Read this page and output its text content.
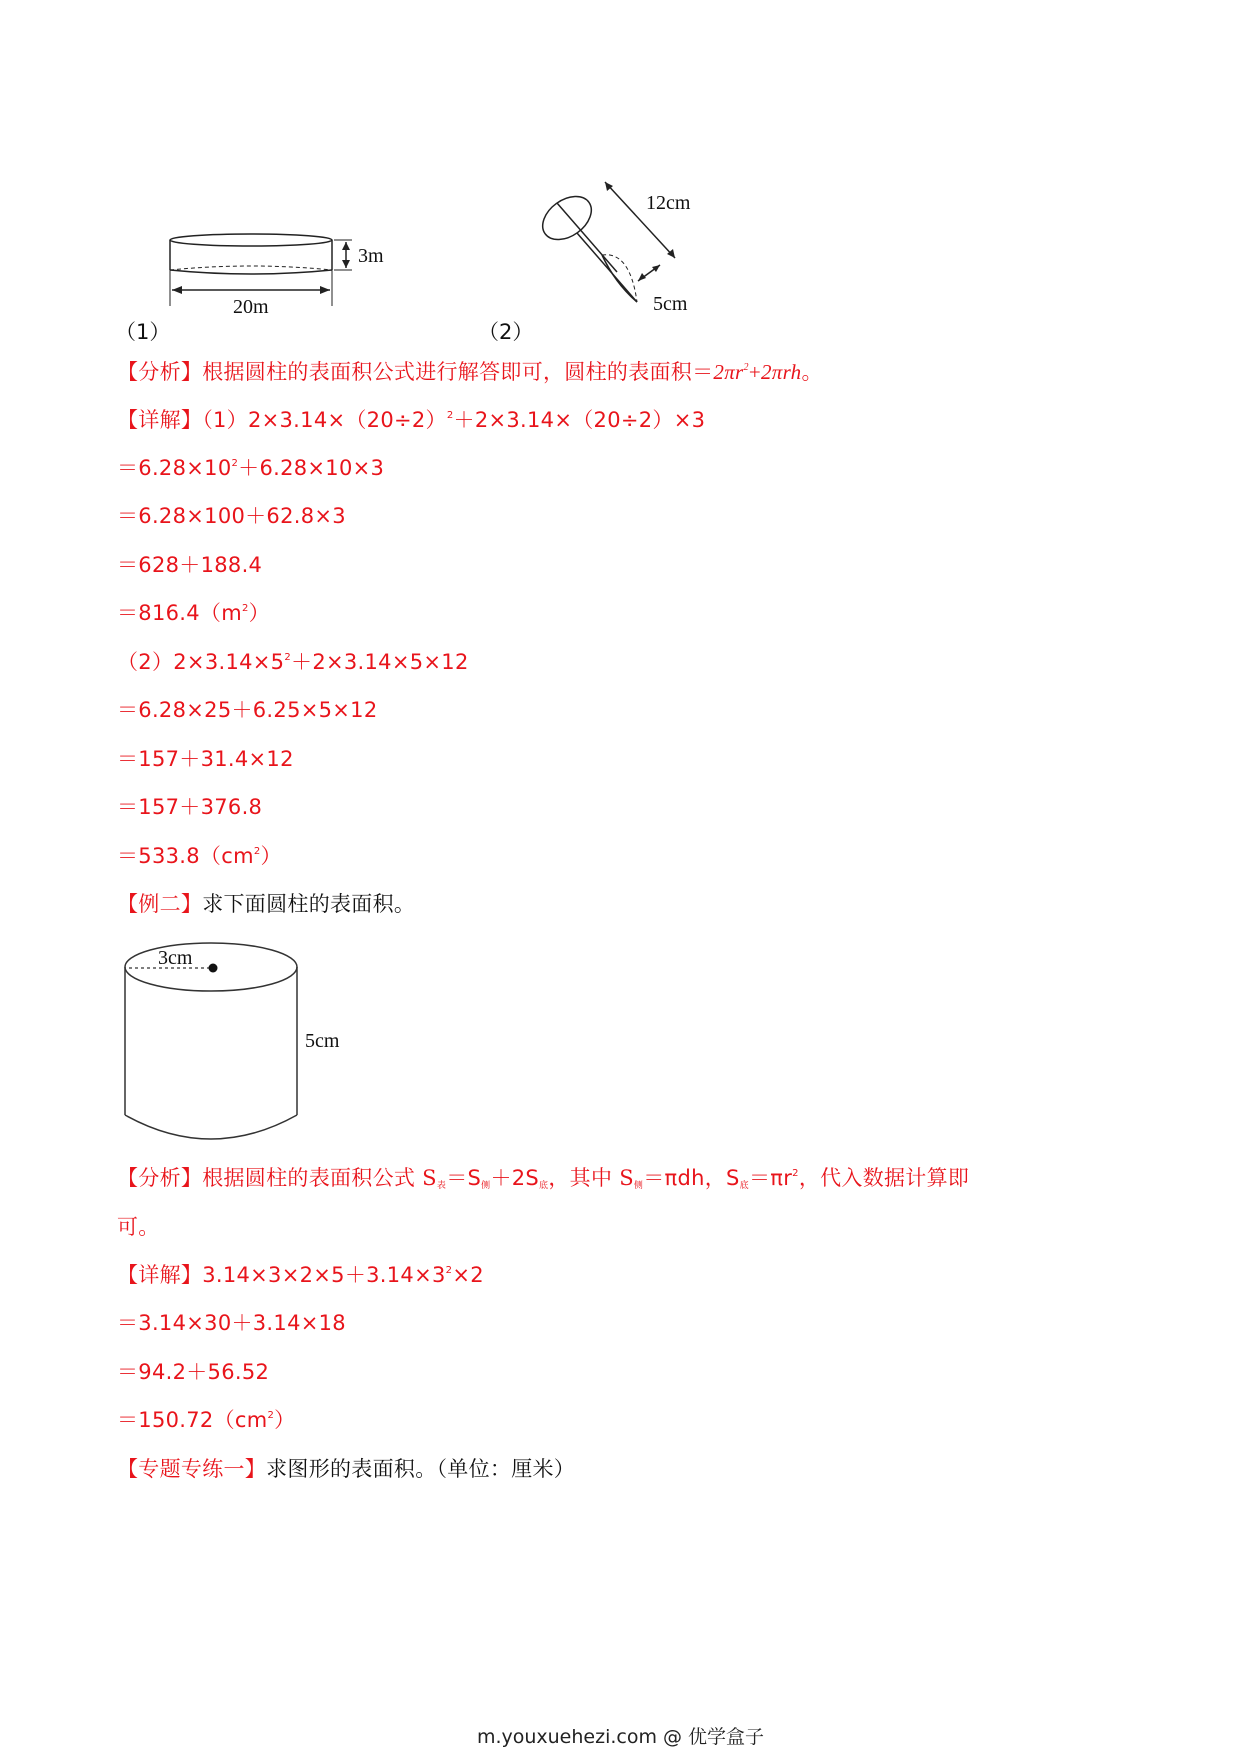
3m
20m
（1）
12cm
5cm
（2）
【分析】根据圆柱的表面积公式进行解答即可，圆柱的表面积$=2\pi r^2+2\pi rh$。
【详解】$(1)2\times 3.14\times(20\div 2)^2+2\times 3.14\times(20\div 2)\times 3$
$=6.28\times 10^2+6.28\times 10\times 3$
＝6.28×100＋62.8×3
＝628＋188.4
$=816.4(m^2)$
$(2)2\times 3.14\times 5^2+2\times 3.14\times 5\times 12$
＝6.28×25＋6.25×5×12
＝157＋31.4×12
＝157＋376.8
$=533.8(cm^2)$
【例二】求下面圆柱的表面积。
3cm
5cm
【分析】根据圆柱的表面积公式 $S_表=S_侧+2S_底$，其中 $S_侧=\pi dh$，$S_底=\pi r^2$，代入数据计算即
可。
【详解】$3.14\times 3\times 2\times 5+3.14\times 3^2\times 2$
＝3.14×30＋3.14×18
＝94.2＋56.52
$=150.72(cm^2)$
【专题专练一】求图形的表面积。（单位：厘米）
m.youxuehezi.com @ 优学盒子
